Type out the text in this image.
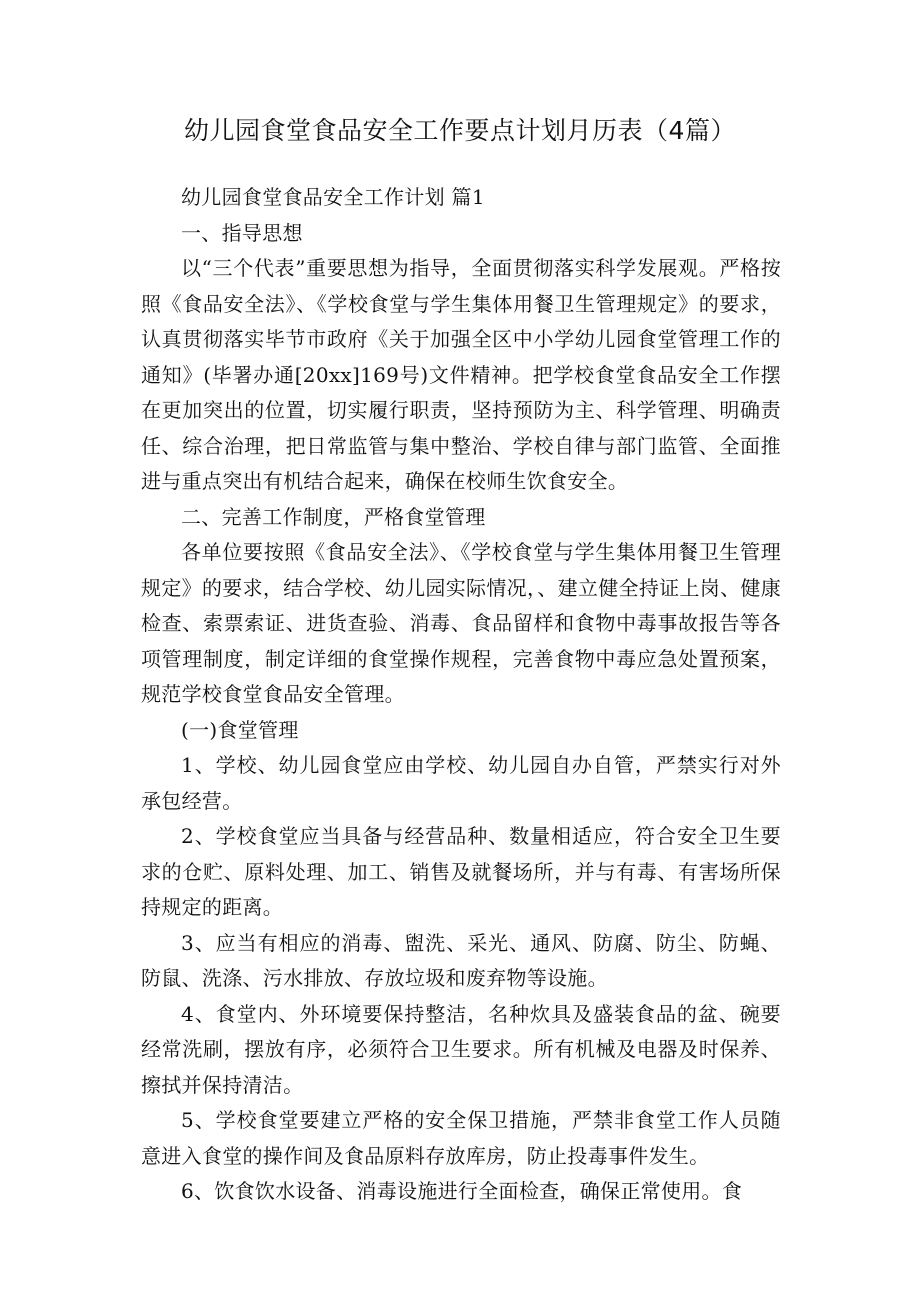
幼儿园食堂食品安全工作要点计划月历表（4篇）

幼儿园食堂食品安全工作计划 篇1

一、指导思想

以“三个代表”重要思想为指导，全面贯彻落实科学发展观。严格按照《食品安全法》、《学校食堂与学生集体用餐卫生管理规定》的要求，认真贯彻落实毕节市政府《关于加强全区中小学幼儿园食堂管理工作的通知》(毕署办通[20xx]169号)文件精神。把学校食堂食品安全工作摆在更加突出的位置，切实履行职责，坚持预防为主、科学管理、明确责任、综合治理，把日常监管与集中整治、学校自律与部门监管、全面推进与重点突出有机结合起来，确保在校师生饮食安全。

二、完善工作制度，严格食堂管理

各单位要按照《食品安全法》、《学校食堂与学生集体用餐卫生管理规定》的要求，结合学校、幼儿园实际情况，、建立健全持证上岗、健康检查、索票索证、进货查验、消毒、食品留样和食物中毒事故报告等各项管理制度，制定详细的食堂操作规程，完善食物中毒应急处置预案，规范学校食堂食品安全管理。

(一)食堂管理

1、学校、幼儿园食堂应由学校、幼儿园自办自管，严禁实行对外承包经营。

2、学校食堂应当具备与经营品种、数量相适应，符合安全卫生要求的仓贮、原料处理、加工、销售及就餐场所，并与有毒、有害场所保持规定的距离。

3、应当有相应的消毒、盥洗、采光、通风、防腐、防尘、防蝇、防鼠、洗涤、污水排放、存放垃圾和废弃物等设施。

4、食堂内、外环境要保持整洁，名种炊具及盛装食品的盆、碗要经常洗刷，摆放有序，必须符合卫生要求。所有机械及电器及时保养、擦拭并保持清洁。

5、学校食堂要建立严格的安全保卫措施，严禁非食堂工作人员随意进入食堂的操作间及食品原料存放库房，防止投毒事件发生。

6、饮食饮水设备、消毒设施进行全面检查，确保正常使用。食
